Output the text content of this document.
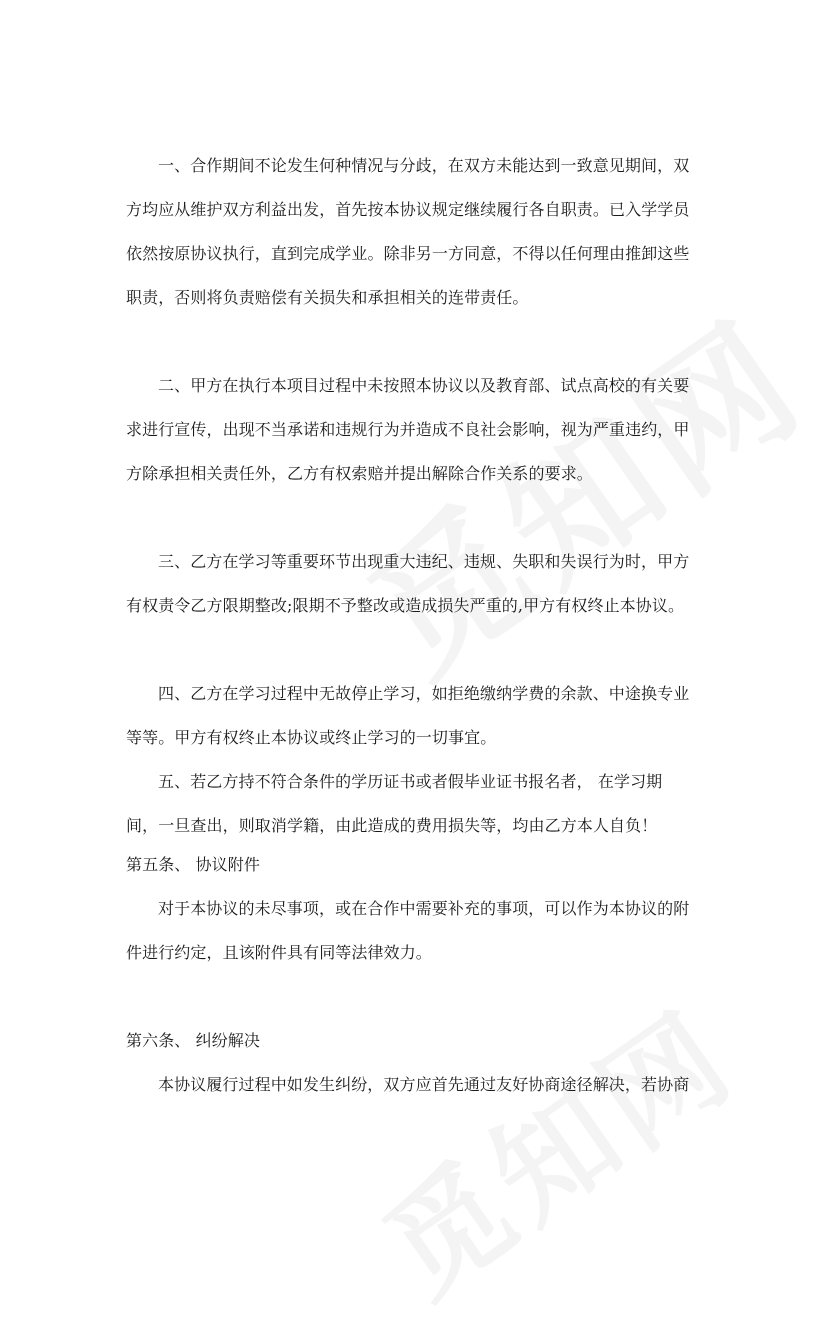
一、合作期间不论发生何种情况与分歧，在双方未能达到一致意见期间，双
方均应从维护双方利益出发，首先按本协议规定继续履行各自职责。已入学学员
依然按原协议执行，直到完成学业。除非另一方同意，不得以任何理由推卸这些
职责，否则将负责赔偿有关损失和承担相关的连带责任。
二、甲方在执行本项目过程中未按照本协议以及教育部、试点高校的有关要
求进行宣传，出现不当承诺和违规行为并造成不良社会影响，视为严重违约，甲
方除承担相关责任外，乙方有权索赔并提出解除合作关系的要求。
三、乙方在学习等重要环节出现重大违纪、违规、失职和失误行为时，甲方
有权责令乙方限期整改;限期不予整改或造成损失严重的,甲方有权终止本协议。
四、乙方在学习过程中无故停止学习，如拒绝缴纳学费的余款、中途换专业
等等。甲方有权终止本协议或终止学习的一切事宜。
五、若乙方持不符合条件的学历证书或者假毕业证书报名者， 在学习期
间，一旦查出，则取消学籍，由此造成的费用损失等，均由乙方本人自负！
第五条、 协议附件
对于本协议的未尽事项，或在合作中需要补充的事项，可以作为本协议的附
件进行约定，且该附件具有同等法律效力。
第六条、 纠纷解决
本协议履行过程中如发生纠纷，双方应首先通过友好协商途径解决，若协商
